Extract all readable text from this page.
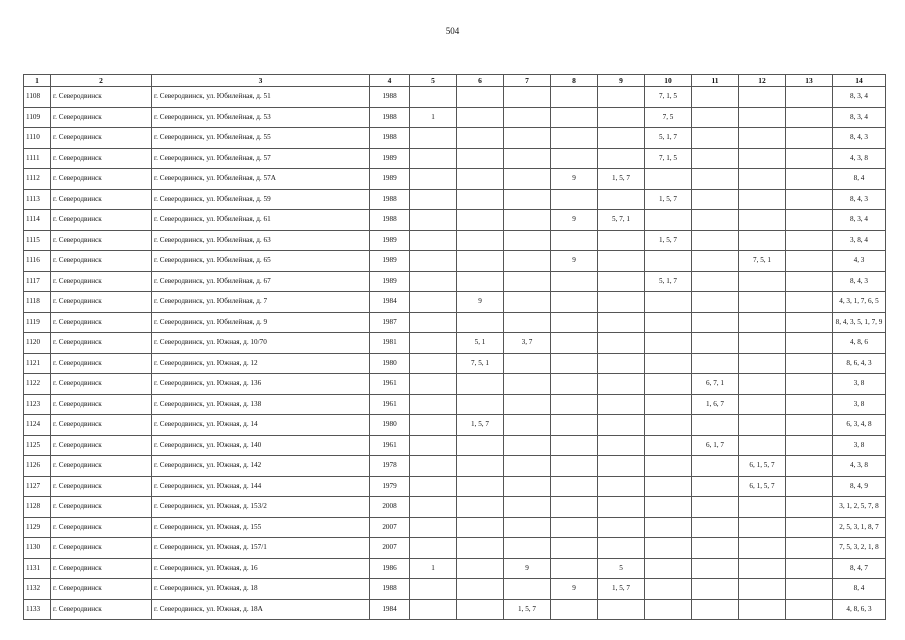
504
1	2	3	4	5	6	7	8	9	10	11	12	13	14
1108	г. Северодвинск	г. Северодвинск, ул. Юбилейная, д. 51	1988						7, 1, 5				8, 3, 4
1109	г. Северодвинск	г. Северодвинск, ул. Юбилейная, д. 53	1988	1					7, 5				8, 3, 4
1110	г. Северодвинск	г. Северодвинск, ул. Юбилейная, д. 55	1988						5, 1, 7				8, 4, 3
1111	г. Северодвинск	г. Северодвинск, ул. Юбилейная, д. 57	1989						7, 1, 5				4, 3, 8
1112	г. Северодвинск	г. Северодвинск, ул. Юбилейная, д. 57А	1989				9	1, 5, 7					8, 4
1113	г. Северодвинск	г. Северодвинск, ул. Юбилейная, д. 59	1988						1, 5, 7				8, 4, 3
1114	г. Северодвинск	г. Северодвинск, ул. Юбилейная, д. 61	1988				9	5, 7, 1					8, 3, 4
1115	г. Северодвинск	г. Северодвинск, ул. Юбилейная, д. 63	1989						1, 5, 7				3, 8, 4
1116	г. Северодвинск	г. Северодвинск, ул. Юбилейная, д. 65	1989				9				7, 5, 1		4, 3
1117	г. Северодвинск	г. Северодвинск, ул. Юбилейная, д. 67	1989						5, 1, 7				8, 4, 3
1118	г. Северодвинск	г. Северодвинск, ул. Юбилейная, д. 7	1984		9								4, 3, 1, 7, 6, 5
1119	г. Северодвинск	г. Северодвинск, ул. Юбилейная, д. 9	1987										8, 4, 3, 5, 1, 7, 9
1120	г. Северодвинск	г. Северодвинск, ул. Южная, д. 10/70	1981		5, 1	3, 7							4, 8, 6
1121	г. Северодвинск	г. Северодвинск, ул. Южная, д. 12	1980		7, 5, 1								8, 6, 4, 3
1122	г. Северодвинск	г. Северодвинск, ул. Южная, д. 136	1961							6, 7, 1			3, 8
1123	г. Северодвинск	г. Северодвинск, ул. Южная, д. 138	1961							1, 6, 7			3, 8
1124	г. Северодвинск	г. Северодвинск, ул. Южная, д. 14	1980		1, 5, 7								6, 3, 4, 8
1125	г. Северодвинск	г. Северодвинск, ул. Южная, д. 140	1961							6, 1, 7			3, 8
1126	г. Северодвинск	г. Северодвинск, ул. Южная, д. 142	1978								6, 1, 5, 7		4, 3, 8
1127	г. Северодвинск	г. Северодвинск, ул. Южная, д. 144	1979								6, 1, 5, 7		8, 4, 9
1128	г. Северодвинск	г. Северодвинск, ул. Южная, д. 153/2	2008										3, 1, 2, 5, 7, 8
1129	г. Северодвинск	г. Северодвинск, ул. Южная, д. 155	2007										2, 5, 3, 1, 8, 7
1130	г. Северодвинск	г. Северодвинск, ул. Южная, д. 157/1	2007										7, 5, 3, 2, 1, 8
1131	г. Северодвинск	г. Северодвинск, ул. Южная, д. 16	1986	1		9		5					8, 4, 7
1132	г. Северодвинск	г. Северодвинск, ул. Южная, д. 18	1988				9	1, 5, 7					8, 4
1133	г. Северодвинск	г. Северодвинск, ул. Южная, д. 18А	1984			1, 5, 7							4, 8, 6, 3
